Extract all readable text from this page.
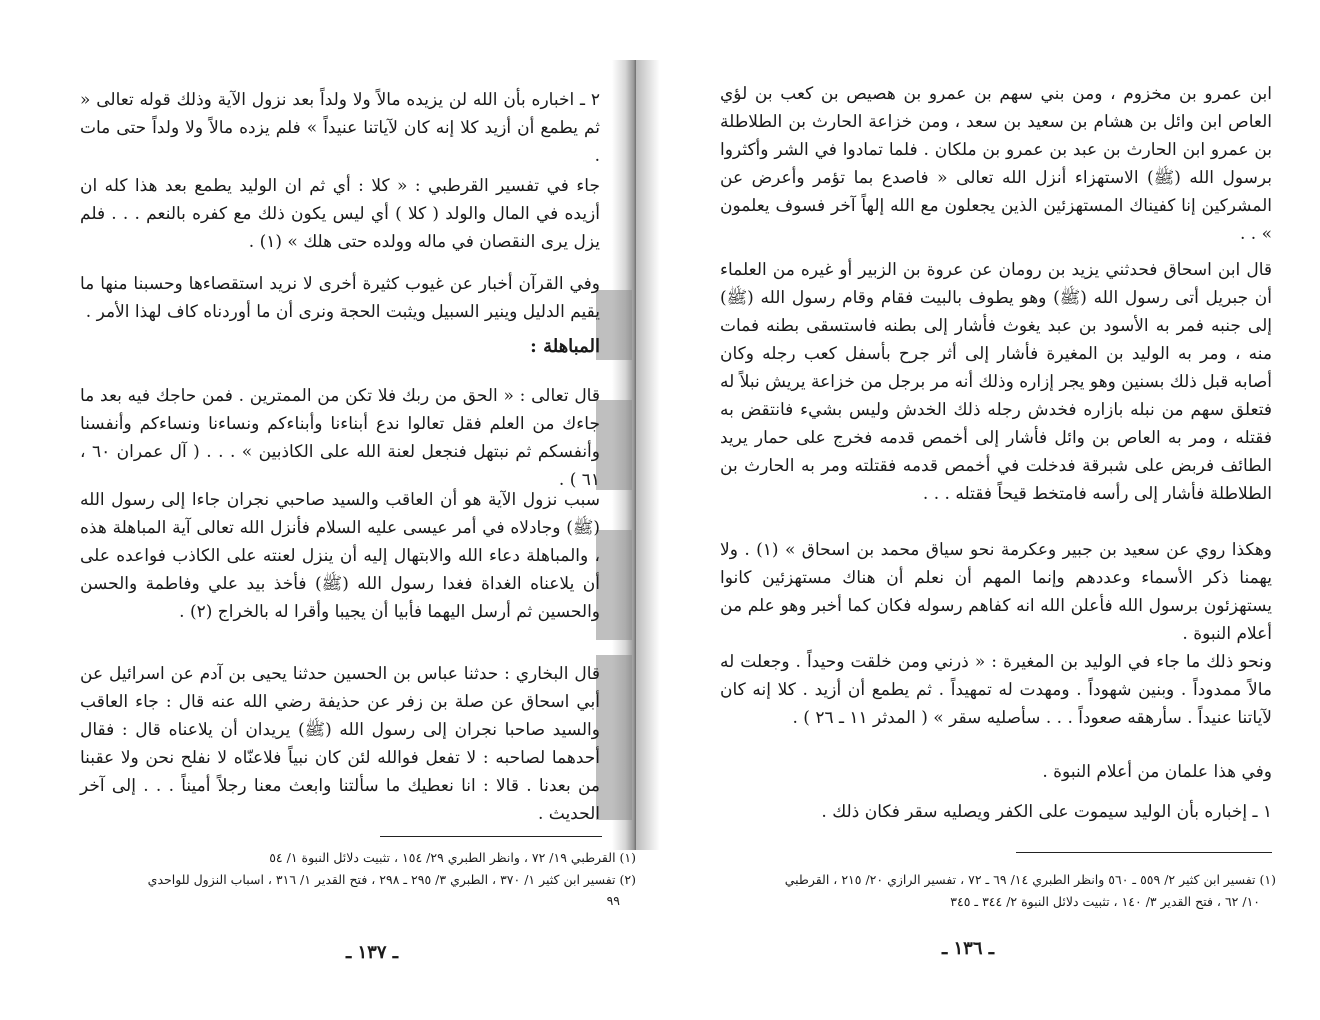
٢ ـ اخباره بأن الله لن يزيده مالاً ولا ولداً بعد نزول الآية وذلك قوله تعالى « ثم يطمع أن أزيد كلا إنه كان لآياتنا عنيداً » فلم يزده مالاً ولا ولداً حتى مات .

جاء في تفسير القرطبي : « كلا : أي ثم ان الوليد يطمع بعد هذا كله ان أزيده في المال والولد ( كلا ) أي ليس يكون ذلك مع كفره بالنعم . . . فلم يزل يرى النقصان في ماله وولده حتى هلك » (١) .

وفي القرآن أخبار عن غيوب كثيرة أخرى لا نريد استقصاءها وحسبنا منها ما يقيم الدليل وينير السبيل ويثبت الحجة ونرى أن ما أوردناه كاف لهذا الأمر .

المباهلة :

قال تعالى : « الحق من ربك فلا تكن من الممترين . فمن حاجك فيه بعد ما جاءك من العلم فقل تعالوا ندع أبناءنا وأبناءكم ونساءنا ونساءكم وأنفسنا وأنفسكم ثم نبتهل فنجعل لعنة الله على الكاذبين » . . . ( آل عمران ٦٠ ، ٦١ ) .

سبب نزول الآية هو أن العاقب والسيد صاحبي نجران جاءا إلى رسول الله (ﷺ) وجادلاه في أمر عيسى عليه السلام فأنزل الله تعالى آية المباهلة هذه ، والمباهلة دعاء الله والابتهال إليه أن ينزل لعنته على الكاذب فواعده على أن يلاعناه الغداة فغدا رسول الله (ﷺ) فأخذ بيد علي وفاطمة والحسن والحسين ثم أرسل اليهما فأبيا أن يجيبا وأقرا له بالخراج (٢) .

قال البخاري : حدثنا عباس بن الحسين حدثنا يحيى بن آدم عن اسرائيل عن أبي اسحاق عن صلة بن زفر عن حذيفة رضي الله عنه قال : جاء العاقب والسيد صاحبا نجران إلى رسول الله (ﷺ) يريدان أن يلاعناه قال : فقال أحدهما لصاحبه : لا تفعل فوالله لئن كان نبياً فلاعنّاه لا نفلح نحن ولا عقبنا من بعدنا . قالا : انا نعطيك ما سألتنا وابعث معنا رجلاً أميناً . . . إلى آخر الحديث .

(١) القرطبي ١٩/ ٧٢ ، وانظر الطبري ٢٩/ ١٥٤ ، تثبيت دلائل النبوة ١/ ٥٤

(٢) تفسير ابن كثير ١/ ٣٧٠ ، الطبري ٣/ ٢٩٥ ـ ٢٩٨ ، فتح القدير ١/ ٣١٦ ، اسباب النزول للواحدي

٩٩

ـ ١٣٧ ـ

ابن عمرو بن مخزوم ، ومن بني سهم بن عمرو بن هصيص بن كعب بن لؤي العاص ابن وائل بن هشام بن سعيد بن سعد ، ومن خزاعة الحارث بن الطلاطلة بن عمرو ابن الحارث بن عبد بن عمرو بن ملكان . فلما تمادوا في الشر وأكثروا برسول الله (ﷺ) الاستهزاء أنزل الله تعالى « فاصدع بما تؤمر وأعرض عن المشركين إنا كفيناك المستهزئين الذين يجعلون مع الله إلهاً آخر فسوف يعلمون » . .

قال ابن اسحاق فحدثني يزيد بن رومان عن عروة بن الزبير أو غيره من العلماء أن جبريل أتى رسول الله (ﷺ) وهو يطوف بالبيت فقام وقام رسول الله (ﷺ) إلى جنبه فمر به الأسود بن عبد يغوث فأشار إلى بطنه فاستسقى بطنه فمات منه ، ومر به الوليد بن المغيرة فأشار إلى أثر جرح بأسفل كعب رجله وكان أصابه قبل ذلك بسنين وهو يجر إزاره وذلك أنه مر برجل من خزاعة يريش نبلاً له فتعلق سهم من نبله بازاره فخدش رجله ذلك الخدش وليس بشيء فانتقض به فقتله ، ومر به العاص بن وائل فأشار إلى أخمص قدمه فخرج على حمار يريد الطائف فربض على شبرقة فدخلت في أخمص قدمه فقتلته ومر به الحارث بن الطلاطلة فأشار إلى رأسه فامتخط قيحاً فقتله . . .

وهكذا روي عن سعيد بن جبير وعكرمة نحو سياق محمد بن اسحاق » (١) . ولا يهمنا ذكر الأسماء وعددهم وإنما المهم أن نعلم أن هناك مستهزئين كانوا يستهزئون برسول الله فأعلن الله انه كفاهم رسوله فكان كما أخبر وهو علم من أعلام النبوة .

ونحو ذلك ما جاء في الوليد بن المغيرة : « ذرني ومن خلقت وحيداً . وجعلت له مالاً ممدوداً . وبنين شهوداً . ومهدت له تمهيداً . ثم يطمع أن أزيد . كلا إنه كان لآياتنا عنيداً . سأرهقه صعوداً . . . سأصليه سقر » ( المدثر ١١ ـ ٢٦ ) .

وفي هذا علمان من أعلام النبوة .

١ ـ إخباره بأن الوليد سيموت على الكفر ويصليه سقر فكان ذلك .

(١) تفسير ابن كثير ٢/ ٥٥٩ ـ ٥٦٠ وانظر الطبري ١٤/ ٦٩ ـ ٧٢ ، تفسير الرازي ٢٠/ ٢١٥ ، القرطبي

١٠/ ٦٢ ، فتح القدير ٣/ ١٤٠ ، تثبيت دلائل النبوة ٢/ ٣٤٤ ـ ٣٤٥

ـ ١٣٦ ـ
